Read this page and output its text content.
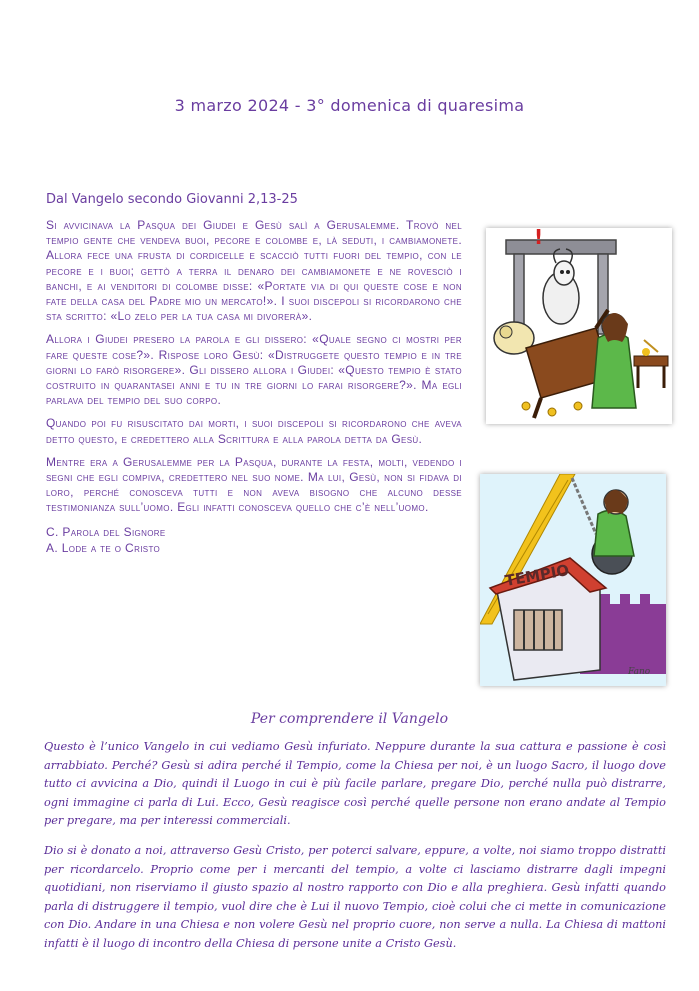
3 marzo 2024 - 3° domenica di quaresima
Dal Vangelo secondo Giovanni 2,13-25

Si avvicinava la Pasqua dei Giudei e Gesù salì a Gerusalemme. Trovò nel tempio gente che vendeva buoi, pecore e colombe e, là seduti, i cambiamonete. Allora fece una frusta di cordicelle e scacciò tutti fuori del tempio, con le pecore e i buoi; gettò a terra il denaro dei cambiamonete e ne rovesciò i banchi, e ai venditori di colombe disse: «Portate via di qui queste cose e non fate della casa del Padre mio un mercato!». I suoi discepoli si ricordarono che sta scritto: «Lo zelo per la tua casa mi divorerà».

Allora i Giudei presero la parola e gli dissero: «Quale segno ci mostri per fare queste cose?». Rispose loro Gesù: «Distruggete questo tempio e in tre giorni lo farò risorgere». Gli dissero allora i Giudei: «Questo tempio è stato costruito in quarantasei anni e tu in tre giorni lo farai risorgere?». Ma egli parlava del tempio del suo corpo.

Quando poi fu risuscitato dai morti, i suoi discepoli si ricordarono che aveva detto questo, e credettero alla Scrittura e alla parola detta da Gesù.

Mentre era a Gerusalemme per la Pasqua, durante la festa, molti, vedendo i segni che egli compiva, credettero nel suo nome. Ma lui, Gesù, non si fidava di loro, perché conosceva tutti e non aveva bisogno che alcuno desse testimonianza sull’uomo. Egli infatti conosceva quello che c’è nell’uomo.

C. Parola del Signore
A. Lode a te o Cristo
!
TEMPIO
Fano
Per comprendere il Vangelo

Questo è l’unico Vangelo in cui vediamo Gesù infuriato. Neppure durante la sua cattura e passione è così arrabbiato. Perché? Gesù si adira perché il Tempio, come la Chiesa per noi, è un luogo Sacro, il luogo dove tutto ci avvicina a Dio, quindi il Luogo in cui è più facile parlare, pregare Dio, perché nulla può distrarre, ogni immagine ci parla di Lui. Ecco, Gesù reagisce così perché quelle persone non erano andate al Tempio per pregare, ma per interessi commerciali.

Dio si è donato a noi, attraverso Gesù Cristo, per poterci salvare, eppure, a volte, noi siamo troppo distratti per ricordarcelo. Proprio come per i mercanti del tempio, a volte ci lasciamo distrarre dagli impegni quotidiani, non riserviamo il giusto spazio al nostro rapporto con Dio e alla preghiera. Gesù infatti quando parla di distruggere il tempio, vuol dire che è Lui il nuovo Tempio, cioè colui che ci mette in comunicazione con Dio. Andare in una Chiesa e non volere Gesù nel proprio cuore, non serve a nulla. La Chiesa di mattoni infatti è il luogo di incontro della Chiesa di persone unite a Cristo Gesù.
